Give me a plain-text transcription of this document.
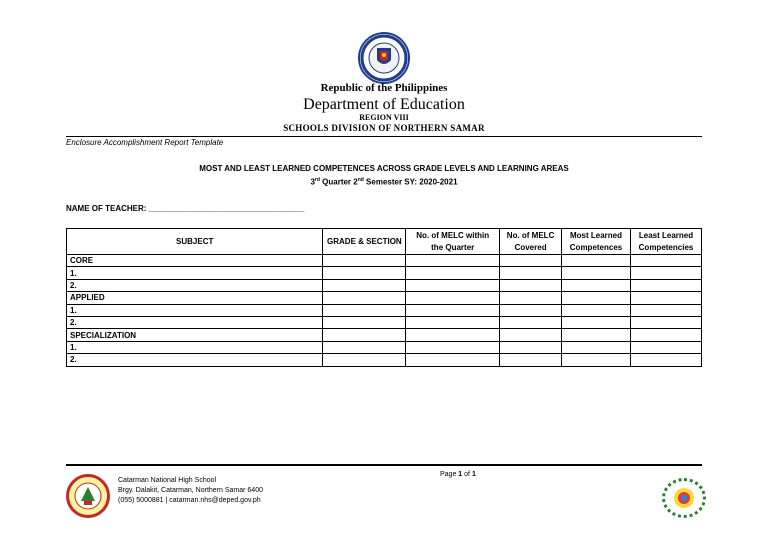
Republic of the Philippines
Department of Education
REGION VIII
SCHOOLS DIVISION OF NORTHERN SAMAR
Enclosure Accomplishment Report Template
MOST AND LEAST LEARNED COMPETENCES ACROSS GRADE LEVELS AND LEARNING AREAS
3rd Quarter 2nd Semester SY: 2020-2021
NAME OF TEACHER: ___________________________________
SUBJECT	GRADE & SECTION	No. of MELC within the Quarter	No. of MELC Covered	Most Learned Competences	Least Learned Competencies
CORE					
1.					
2.					
APPLIED					
1.					
2.					
SPECIALIZATION					
1.					
2.					
Page 1 of 1
Catarman National High School
Brgy. Dalakit, Catarman, Northern Samar 6400
(055) 5000881 | catarman.nhs@deped.gov.ph
